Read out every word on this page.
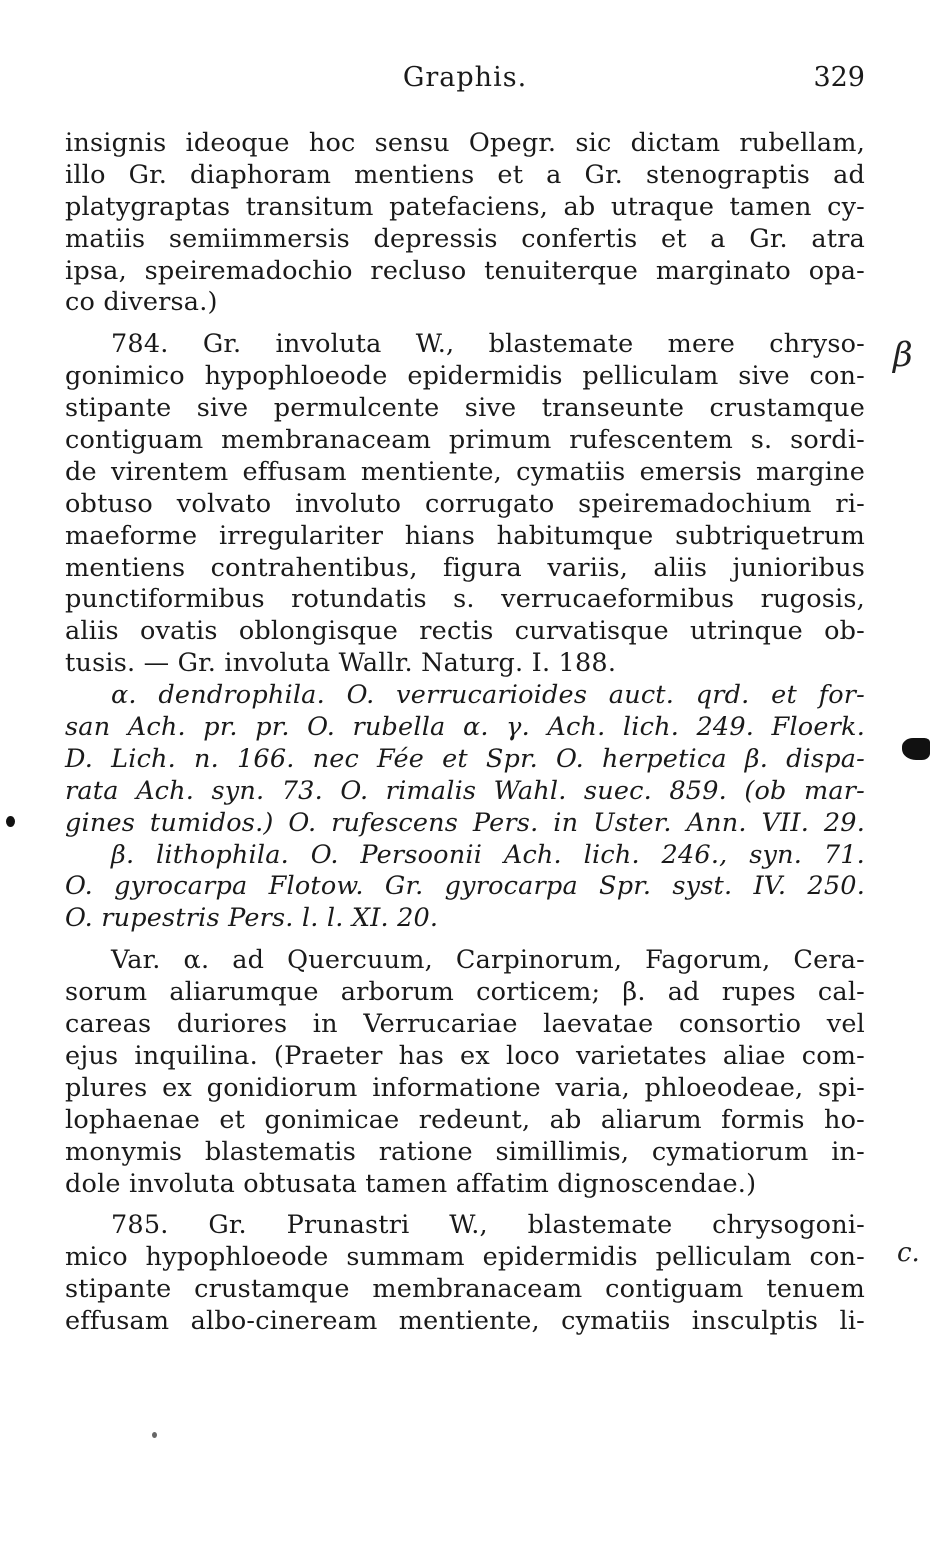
Graphis.	329
insignis ideoque hoc sensu Opegr. sic dictam rubellam,
illo Gr. diaphoram mentiens et a Gr. stenograptis ad
platygraptas transitum patefaciens, ab utraque tamen cy-
matiis semiimmersis depressis confertis et a Gr. atra
ipsa, speiremadochio recluso tenuiterque marginato opa-
co diversa.)
784. Gr. involuta W., blastemate mere chryso-
gonimico hypophloeode epidermidis pelliculam sive con-
stipante sive permulcente sive transeunte crustamque
contiguam membranaceam primum rufescentem s. sordi-
de virentem effusam mentiente, cymatiis emersis margine
obtuso volvato involuto corrugato speiremadochium ri-
maeforme irregulariter hians habitumque subtriquetrum
mentiens contrahentibus, figura variis, aliis junioribus
punctiformibus rotundatis s. verrucaeformibus rugosis,
aliis ovatis oblongisque rectis curvatisque utrinque ob-
tusis. — Gr. involuta Wallr. Naturg. I. 188.
α. dendrophila. O. verrucarioides auct. qrd. et for-
san Ach. pr. pr. O. rubella α. γ. Ach. lich. 249. Floerk.
D. Lich. n. 166. nec Fée et Spr. O. herpetica β. dispa-
rata Ach. syn. 73. O. rimalis Wahl. suec. 859. (ob mar-
gines tumidos.) O. rufescens Pers. in Uster. Ann. VII. 29.
β. lithophila. O. Persoonii Ach. lich. 246., syn. 71.
O. gyrocarpa Flotow. Gr. gyrocarpa Spr. syst. IV. 250.
O. rupestris Pers. l. l. XI. 20.
Var. α. ad Quercuum, Carpinorum, Fagorum, Cera-
sorum aliarumque arborum corticem; β. ad rupes cal-
careas duriores in Verrucariae laevatae consortio vel
ejus inquilina. (Praeter has ex loco varietates aliae com-
plures ex gonidiorum informatione varia, phloeodeae, spi-
lophaenae et gonimicae redeunt, ab aliarum formis ho-
monymis blastematis ratione simillimis, cymatiorum in-
dole involuta obtusata tamen affatim dignoscendae.)
785. Gr. Prunastri W., blastemate chrysogoni-
mico hypophloeode summam epidermidis pelliculam con-
stipante crustamque membranaceam contiguam tenuem
effusam albo-cineream mentiente, cymatiis insculptis li-
β
c.
